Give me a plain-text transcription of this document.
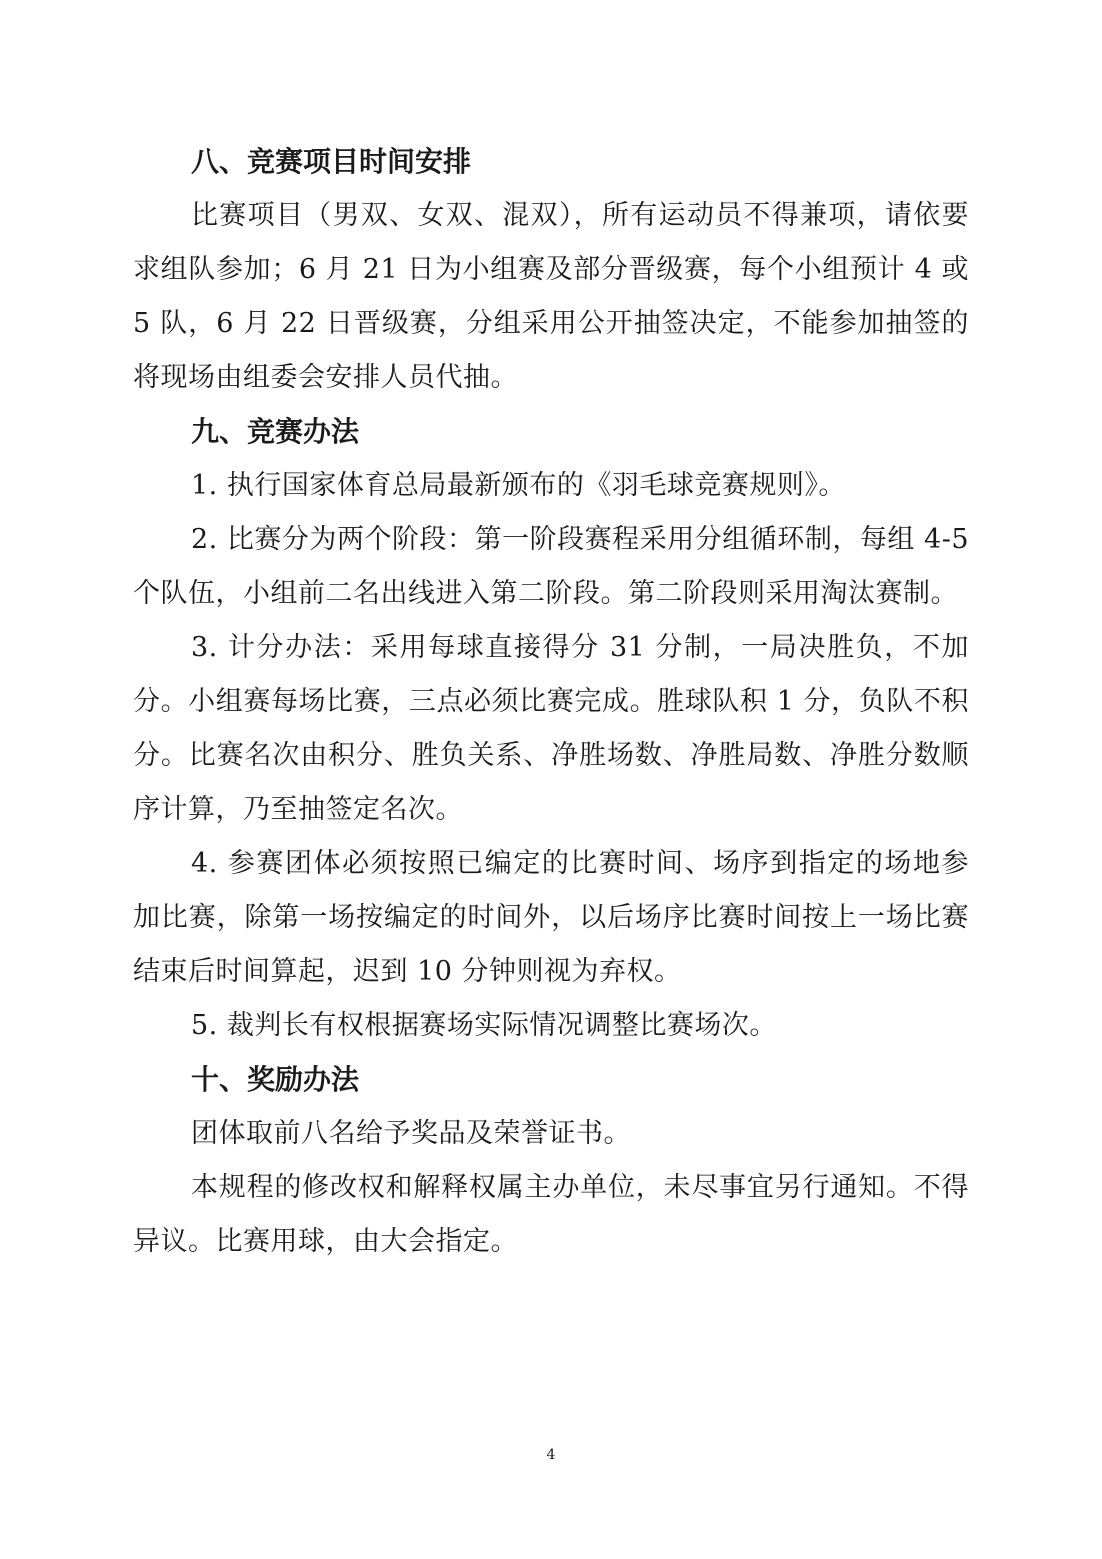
八、竞赛项目时间安排

比赛项目（男双、女双、混双），所有运动员不得兼项，请依要求组队参加；6 月 21 日为小组赛及部分晋级赛，每个小组预计 4 或 5 队，6 月 22 日晋级赛，分组采用公开抽签决定，不能参加抽签的将现场由组委会安排人员代抽。

九、竞赛办法

1. 执行国家体育总局最新颁布的《羽毛球竞赛规则》。

2. 比赛分为两个阶段：第一阶段赛程采用分组循环制，每组 4-5 个队伍，小组前二名出线进入第二阶段。第二阶段则采用淘汰赛制。

3. 计分办法：采用每球直接得分 31 分制，一局决胜负，不加分。小组赛每场比赛，三点必须比赛完成。胜球队积 1 分，负队不积分。比赛名次由积分、胜负关系、净胜场数、净胜局数、净胜分数顺序计算，乃至抽签定名次。

4. 参赛团体必须按照已编定的比赛时间、场序到指定的场地参加比赛，除第一场按编定的时间外，以后场序比赛时间按上一场比赛结束后时间算起，迟到 10 分钟则视为弃权。

5. 裁判长有权根据赛场实际情况调整比赛场次。

十、奖励办法

团体取前八名给予奖品及荣誉证书。

本规程的修改权和解释权属主办单位，未尽事宜另行通知。不得异议。比赛用球，由大会指定。

4
